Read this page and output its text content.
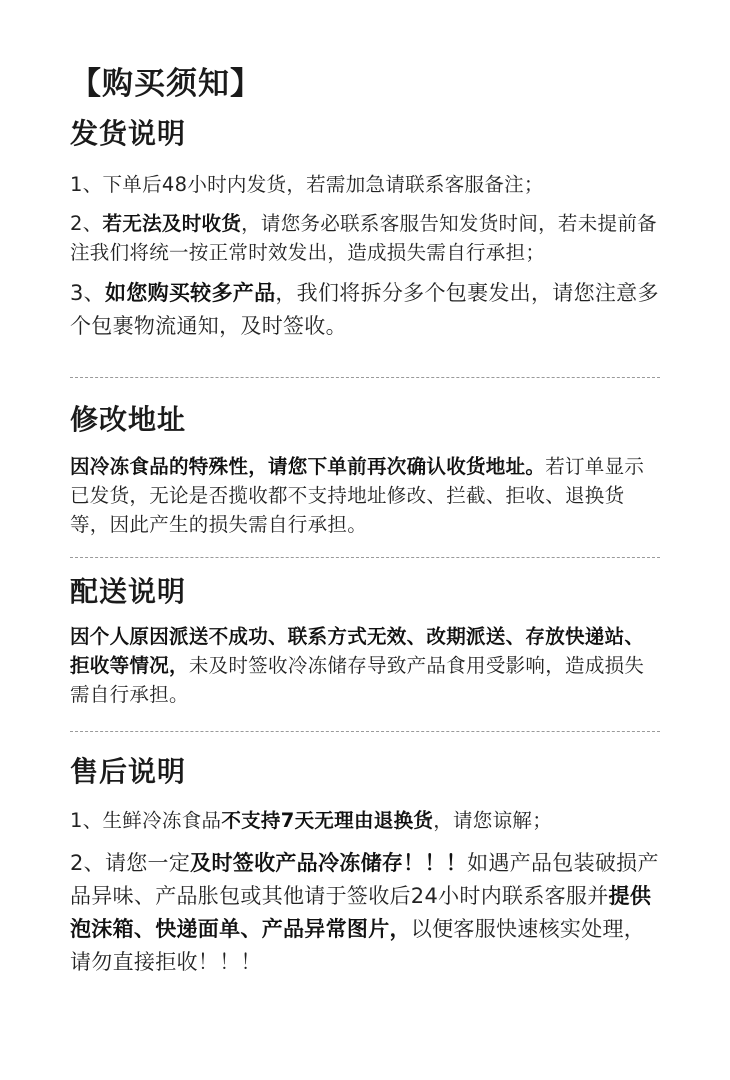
【购买须知】
发货说明

1、下单后48小时内发货，若需加急请联系客服备注；

2、若无法及时收货，请您务必联系客服告知发货时间，若未提前备注我们将统一按正常时效发出，造成损失需自行承担；

3、如您购买较多产品，我们将拆分多个包裹发出，请您注意多个包裹物流通知，及时签收。

修改地址

因冷冻食品的特殊性，请您下单前再次确认收货地址。若订单显示已发货，无论是否揽收都不支持地址修改、拦截、拒收、退换货等，因此产生的损失需自行承担。

配送说明

因个人原因派送不成功、联系方式无效、改期派送、存放快递站、拒收等情况，未及时签收冷冻储存导致产品食用受影响，造成损失需自行承担。

售后说明

1、生鲜冷冻食品不支持7天无理由退换货，请您谅解；

2、请您一定及时签收产品冷冻储存！！！如遇产品包装破损产品异味、产品胀包或其他请于签收后24小时内联系客服并提供泡沫箱、快递面单、产品异常图片，以便客服快速核实处理，请勿直接拒收！！！
